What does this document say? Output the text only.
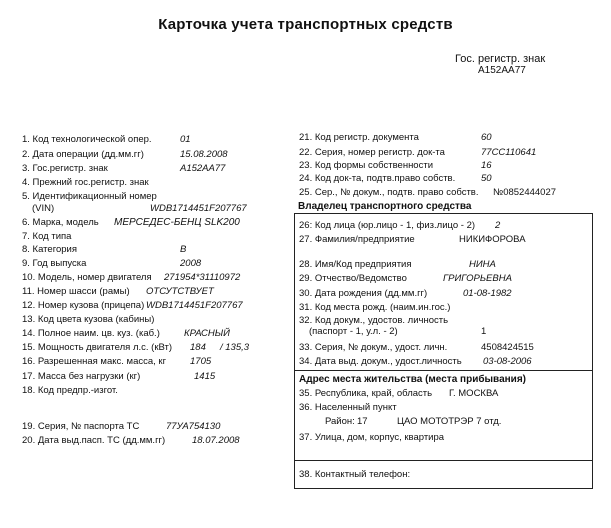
Карточка учета транспортных средств
Гос. регистр. знак
А152АА77
1. Код технологической опер.	01
2. Дата операции (дд.мм.гг)	15.08.2008
3. Гос.регистр. знак	А152АА77
4. Прежний гос.регистр. знак
5. Идентификационный номер
(VIN)	WDB1714451F207767
6. Марка, модель МЕРСЕДЕС-БЕНЦ SLK200
7. Код типа
8. Категория	В
9. Год выпуска	2008
10. Модель, номер двигателя 271954*31110972
11. Номер шасси (рамы) ОТСУТСТВУЕТ
12. Номер кузова (прицепа) WDB1714451F207767
13. Код цвета кузова (кабины)
14. Полное наим. цв. куз. (каб.)	КРАСНЫЙ
15. Мощность двигателя л.с. (кВт) 184 / 135,3
16. Разрешенная макс. масса, кг	1705
17. Масса без нагрузки (кг)	1415
18. Код предпр.-изгот.
19. Серия, № паспорта ТС	77УА754130
20. Дата выд.пасп. ТС (дд.мм.гг)	18.07.2008
21. Код регистр. документа	60
22. Серия, номер регистр. док-та	77СС110641
23. Код формы собственности	16
24. Код док-та, подтв.право собств.	50
25. Сер., № докум., подтв. право собств. №0852444027
Владелец транспортного средства
26: Код лица (юр.лицо - 1, физ.лицо - 2) 2
27. Фамилия/предприятие	НИКИФОРОВА
28. Имя/Код предприятия	НИНА
29. Отчество/Ведомство	ГРИГОРЬЕВНА
30. Дата рождения (дд.мм.гг)	01-08-1982
31. Код места рожд. (наим.ин.гос.)
32. Код докум., удостов. личность
(паспорт - 1, у.л. - 2)	1
33. Серия, № докум., удост. личн.	4508424515
34. Дата выд. докум., удост.личность 03-08-2006
Адрес места жительства (места прибывания)
35. Республика, край, область Г. МОСКВА
36. Населенный пункт
Район: 17	ЦАО МОТОТРЭР 7 отд.
37. Улица, дом, корпус, квартира
38. Контактный телефон:
